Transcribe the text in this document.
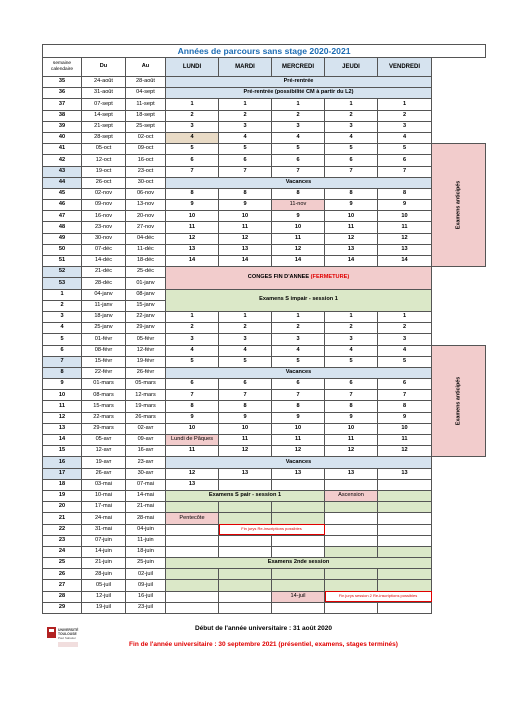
Années de parcours sans stage 2020-2021								
semaine calendaire	Du	Au	LUNDI	MARDI	MERCREDI	JEUDI	VENDREDI	
35	24-août	28-août	Pré-rentrée					
36	31-août	04-sept	Pré-rentrée (possibilité CM à partir du L2)					
37	07-sept	11-sept	1	1	1	1	1	
38	14-sept	18-sept	2	2	2	2	2	
39	21-sept	25-sept	3	3	3	3	3	
40	28-sept	02-oct	4	4	4	4	4	
41	05-oct	09-oct	5	5	5	5	5	Examens anticipés

42	12-oct	16-oct	6	6	6	6	6	
43	19-oct	23-oct	7	7	7	7	7	
44	26-oct	30-oct	Vacances					
45	02-nov	06-nov	8	8	8	8	8	
46	09-nov	13-nov	9	9	11-nov	9	9	
47	16-nov	20-nov	10	10	9	10	10	
48	23-nov	27-nov	11	11	10	11	11	
49	30-nov	04-déc	12	12	11	12	12	
50	07-déc	11-déc	13	13	12	13	13	
51	14-déc	18-déc	14	14	14	14	14	
52	21-déc	25-déc	CONGES FIN D'ANNEE (FERMETURE)					
53	28-déc	01-janv						
1	04-janv	08-janv	Examens S impair - session 1					
2	11-janv	15-janv						
3	18-janv	22-janv	1	1	1	1	1	
4	25-janv	29-janv	2	2	2	2	2	
5	01-févr	05-févr	3	3	3	3	3	
6	08-févr	12-févr	4	4	4	4	4	Examens anticipés

7	15-févr	19-févr	5	5	5	5	5	
8	22-févr	26-févr	Vacances					
9	01-mars	05-mars	6	6	6	6	6	
10	08-mars	12-mars	7	7	7	7	7	
11	15-mars	19-mars	8	8	8	8	8	
12	22-mars	26-mars	9	9	9	9	9	
13	29-mars	02-avr	10	10	10	10	10	
14	05-avr	09-avr	Lundi de Pâques	11	11	11	11	
15	12-avr	16-avr	11	12	12	12	12	
16	19-avr	23-avr	Vacances					
17	26-avr	30-avr	12	13	13	13	13	
18	03-mai	07-mai	13					
19	10-mai	14-mai	Examens S pair - session 1			Ascension		
20	17-mai	21-mai						
21	24-mai	28-mai	Pentecôte					
22	31-mai	04-juin		Fin jurys Re-inscriptions possibles				
23	07-juin	11-juin						
24	14-juin	18-juin						
25	21-juin	25-juin	Examens 2nde session					
26	28-juin	02-juil						
27	05-juil	09-juil						
28	12-juil	16-juil			14-juil	Fin jurys session 2 Re-inscriptions possibles		
29	19-juil	23-juil						
UNIVERSITÉ
TOULOUSE
Paul Sabatier
Début de l'année universitaire : 31 août 2020
Fin de l'année universitaire : 30 septembre 2021 (présentiel, examens, stages terminés)
